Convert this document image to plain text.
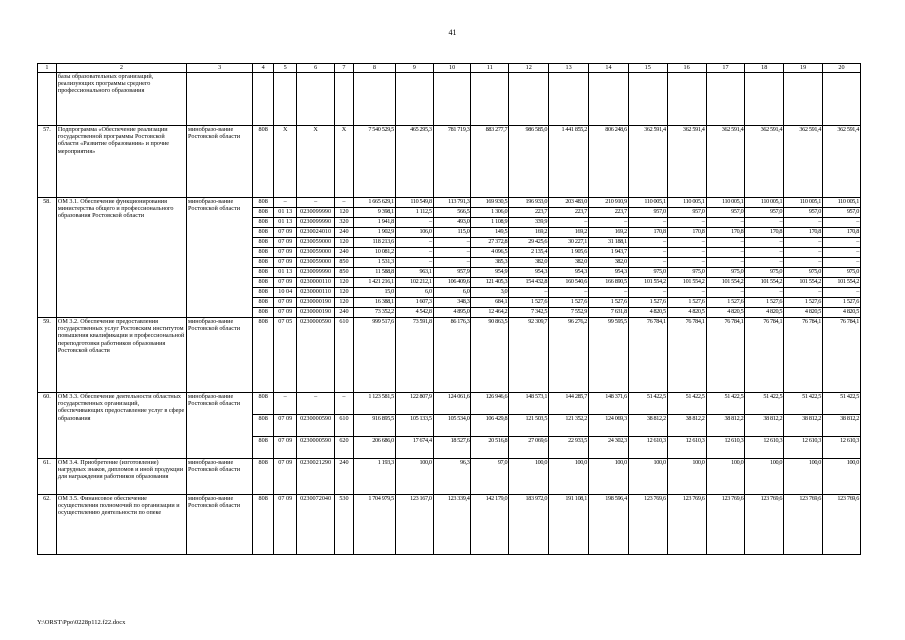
41
1	2	3	4	5	6	7	8	9	10	11	12	13	14	15	16	17	18	19	20
	базы образовательных организаций, реализующих программы среднего профессионального образования																		
57.	Подпрограмма «Обеспечение реализации государственной программы Ростовской области «Развитие образования» и прочие мероприятия»	минобразо-вание Ростовской области	808	Х	Х	Х	7 540 529,5	465 295,3	781 719,3	883 277,7	986 585,0	1 441 855,2	806 248,6	362 591,4	362 591,4	362 591,4	362 591,4	362 591,4	362 591,4
58.	ОМ 3.1. Обеспечение функционирования министерства общего и профессионального образования Ростовской области	минобразо-вание Ростовской области	808	–	–	–	1 665 629,1	110 549,8	113 791,3	169 930,5	196 933,0	203 483,0	210 910,9	110 005,1	110 005,1	110 005,1	110 005,1	110 005,1	110 005,1
			808	01 13	0230099990	120	9 398,1	1 112,5	566,5	1 306,0	223,7	223,7	223,7	957,0	957,0	957,0	957,0	957,0	957,0
			808	01 13	0230099990	320	1 941,8	–	493,0	1 108,9	339,9	–	–	–	–	–	–	–	–
			808	07 09	0230024010	240	1 902,9	106,0	115,0	149,5	169,2	169,2	169,2	170,8	170,8	170,8	170,8	170,8	170,8
			808	07 09	0230059000	120	118 213,6	–	–	27 372,8	29 425,6	30 227,1	31 188,1	–	–	–	–	–	–
			808	07 09	0230059000	240	10 081,2	–	–	4 096,5	2 135,4	1 905,6	1 943,7	–	–	–	–	–	–
			808	07 09	0230059000	850	1 531,3	–	–	385,3	382,0	382,0	382,0	–	–	–	–	–	–
			808	01 13	0230099990	850	11 588,8	963,1	957,9	954,9	954,3	954,3	954,3	975,0	975,0	975,0	975,0	975,0	975,0
			808	07 09	0230000110	120	1 421 216,1	102 212,1	106 409,6	121 405,3	154 432,8	160 540,6	166 890,5	101 554,2	101 554,2	101 554,2	101 554,2	101 554,2	101 554,2
			808	10 04	0230000110	120	15,0	6,0	6,0	3,0	–	–	–	–	–	–	–	–	–
			808	07 09	0230000190	120	16 388,1	1 607,3	348,3	684,1	1 527,6	1 527,6	1 527,6	1 527,6	1 527,6	1 527,6	1 527,6	1 527,6	1 527,6
			808	07 09	0230000190	240	73 352,2	4 542,8	4 895,0	12 464,2	7 342,5	7 552,9	7 631,8	4 820,5	4 820,5	4 820,5	4 820,5	4 820,5	4 820,5
59.	ОМ 3.2. Обеспечение предоставления государственных услуг Ростовским институтом повышения квалификации и профессиональной переподготовки работников образования Ростовской области	минобразо-вание Ростовской области	808	07 05	0230000590	610	999 517,6	73 591,8	86 176,3	90 863,5	92 309,7	96 276,2	99 595,5	76 784,1	76 784,1	76 784,1	76 784,1	76 784,1	76 784,1
60.	ОМ 3.3. Обеспечение деятельности областных государственных организаций, обеспечивающих предоставление услуг в сфере образования	минобразо-вание Ростовской области	808	–	–	–	1 123 581,5	122 807,9	124 061,6	126 946,6	148 573,1	144 285,7	148 371,6	51 422,5	51 422,5	51 422,5	51 422,5	51 422,5	51 422,5
			808	07 09	0230000590	610	916 895,5	105 133,5	105 534,0	106 429,8	121 503,5	121 352,2	124 069,3	38 812,2	38 812,2	38 812,2	38 812,2	38 812,2	38 812,2
			808	07 09	0230000590	620	206 686,0	17 674,4	18 527,6	20 516,8	27 069,6	22 933,5	24 302,3	12 610,3	12 610,3	12 610,3	12 610,3	12 610,3	12 610,3
61.	ОМ 3.4. Приобретение (изготовление) нагрудных знаков, дипломов и иной продукции для награждения работников образования	минобразо-вание Ростовской области	808	07 09	0230021290	240	1 193,3	100,0	96,3	97,0	100,0	100,0	100,0	100,0	100,0	100,0	100,0	100,0	100,0
62.	ОМ 3.5. Финансовое обеспечение осуществления полномочий по организации и осуществлению деятельности по опеке	минобразо-вание Ростовской области	808	07 09	0230072040	530	1 704 979,5	123 167,0	123 339,4	142 179,0	183 972,0	191 108,1	198 596,4	123 769,6	123 769,6	123 769,6	123 769,6	123 769,6	123 769,6
Y:\ORST\Ppo\0228p112.f22.docx
